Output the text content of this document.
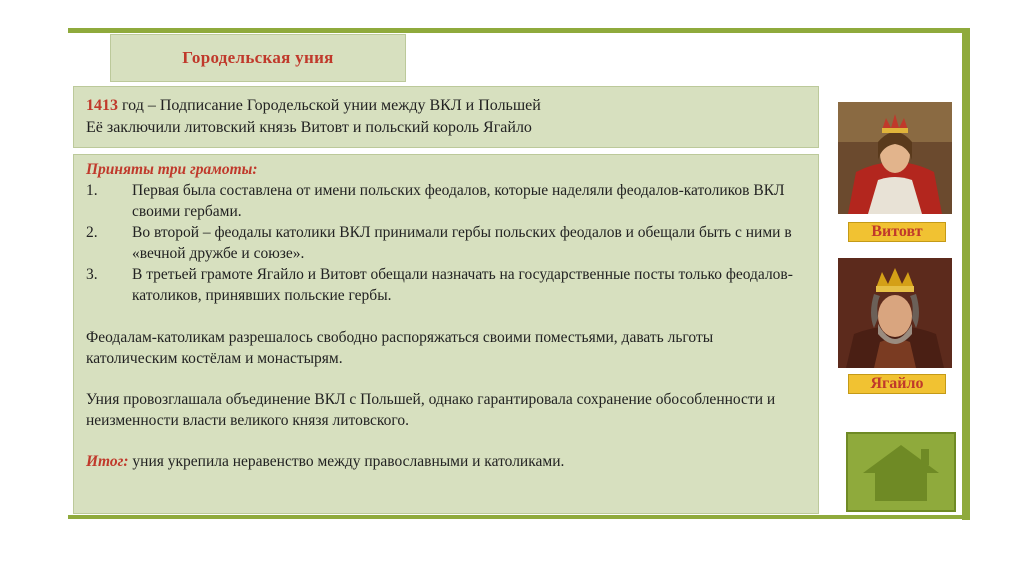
Городельская уния
1413 год – Подписание Городельской унии между ВКЛ и Польшей
Её заключили литовский князь Витовт и польский король Ягайло
Приняты три грамоты:
1. Первая была составлена от имени польских феодалов, которые наделяли феодалов-католиков ВКЛ своими гербами.
2. Во второй – феодалы католики ВКЛ принимали гербы польских феодалов и обещали быть с ними в «вечной дружбе и союзе».
3. В третьей грамоте Ягайло и Витовт обещали назначать на государственные посты только феодалов-католиков, принявших польские гербы.
Феодалам-католикам разрешалось свободно распоряжаться своими поместьями, давать льготы католическим костёлам и монастырям.
Уния провозглашала объединение ВКЛ с Польшей, однако гарантировала сохранение обособленности и неизменности власти великого князя литовского.
Итог: уния укрепила неравенство между православными и католиками.
Витовт
Ягайло
